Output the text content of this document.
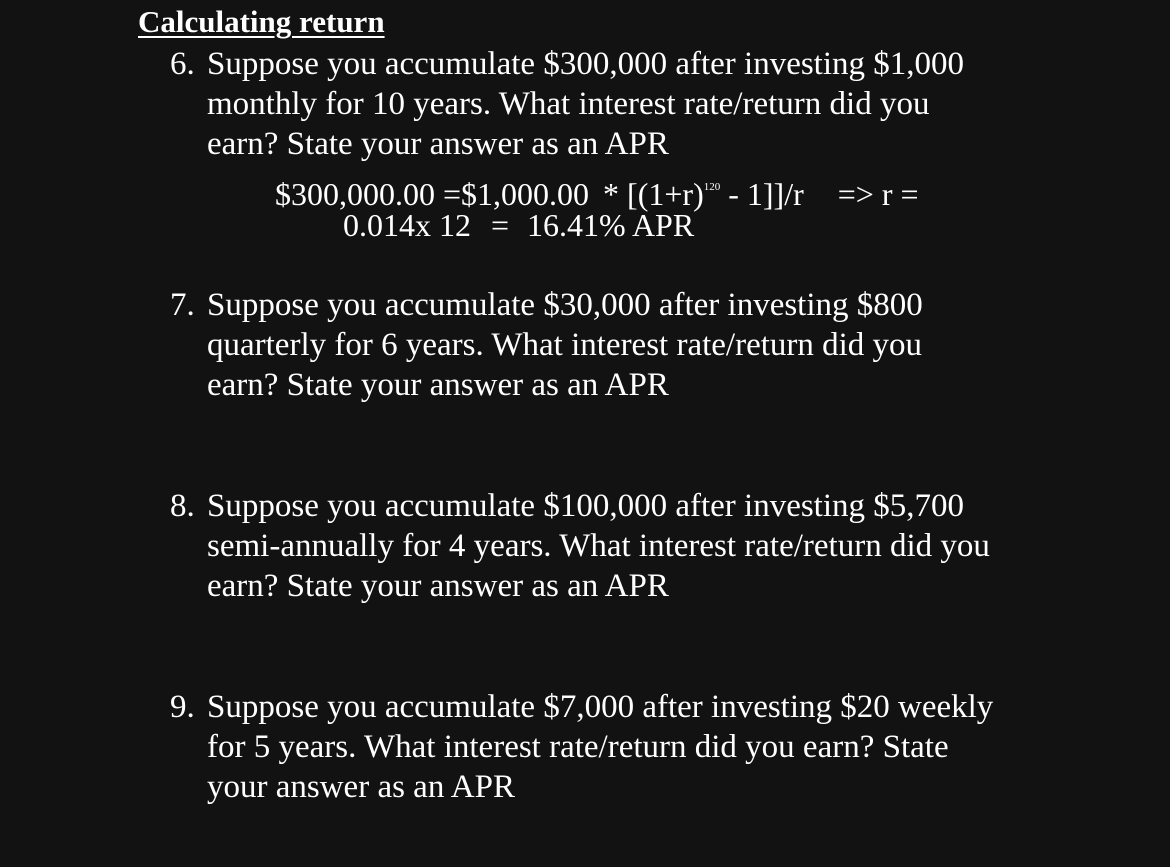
Calculating return
6. Suppose you accumulate $300,000 after investing $1,000
monthly for 10 years. What interest rate/return did you
earn? State your answer as an APR
$300,000.00 =$1,000.00 * $[(1+r)^{120} - 1]]/r => r$ =
0.014x 12 = 16.41% APR
7. Suppose you accumulate $30,000 after investing $800
quarterly for 6 years. What interest rate/return did you
earn? State your answer as an APR
8. Suppose you accumulate $100,000 after investing $5,700
semi-annually for 4 years. What interest rate/return did you
earn? State your answer as an APR
9. Suppose you accumulate $7,000 after investing $20 weekly
for 5 years. What interest rate/return did you earn? State
your answer as an APR
